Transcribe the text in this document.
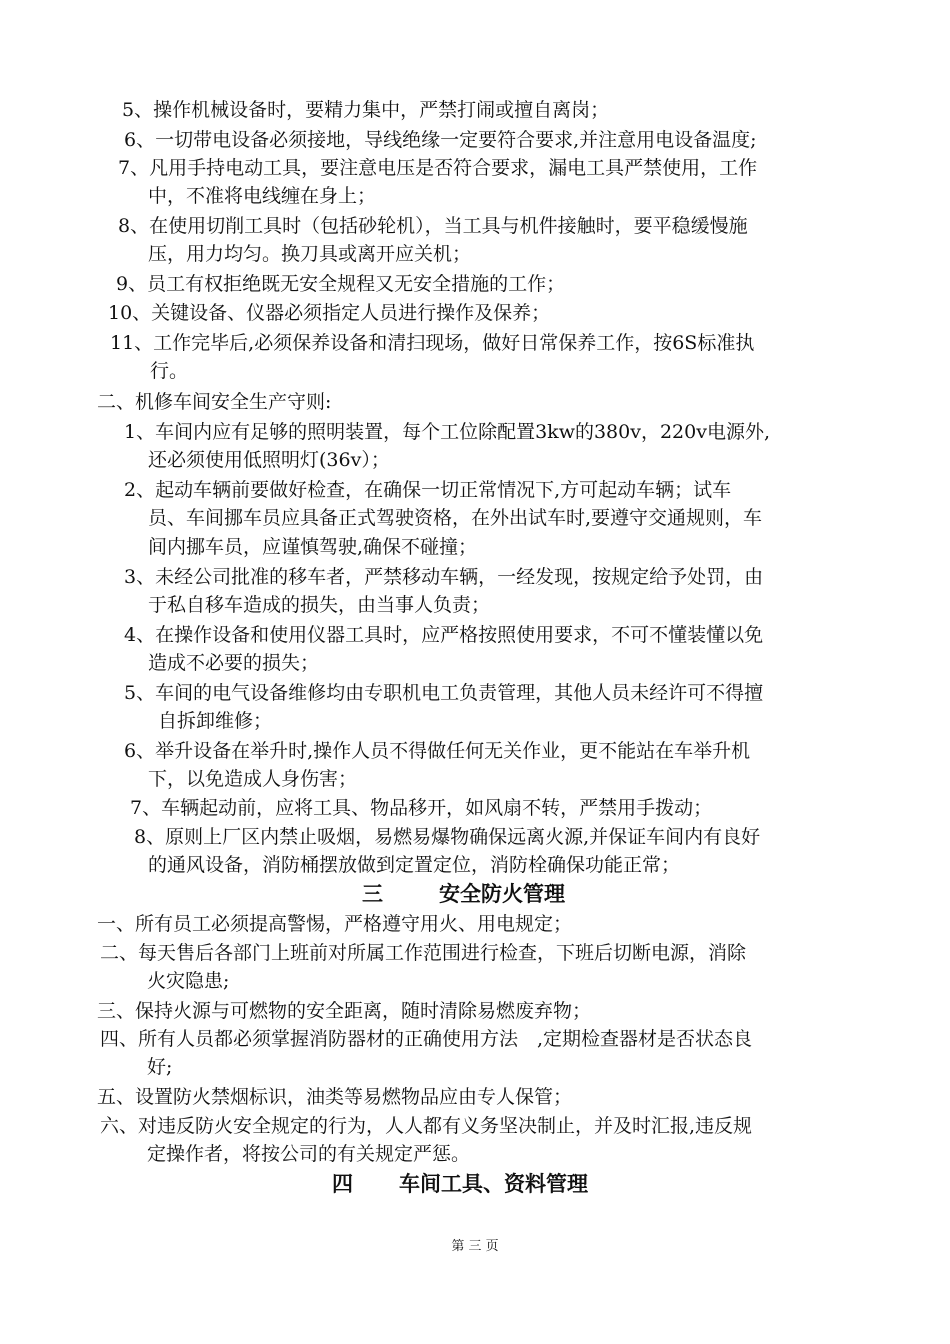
5、操作机械设备时，要精力集中，严禁打闹或擅自离岗；
6、一切带电设备必须接地，导线绝缘一定要符合要求,并注意用电设备温度;
7、凡用手持电动工具，要注意电压是否符合要求，漏电工具严禁使用，工作
中，不准将电线缠在身上；
8、在使用切削工具时（包括砂轮机），当工具与机件接触时，要平稳缓慢施
压，用力均匀。换刀具或离开应关机；
9、员工有权拒绝既无安全规程又无安全措施的工作；
10、关键设备、仪器必须指定人员进行操作及保养；
11、工作完毕后,必须保养设备和清扫现场，做好日常保养工作，按6S标准执
行。
二、机修车间安全生产守则:
1、车间内应有足够的照明装置，每个工位除配置3kw的380v，220v电源外,
还必须使用低照明灯(36v）；
2、起动车辆前要做好检查，在确保一切正常情况下,方可起动车辆；试车
员、车间挪车员应具备正式驾驶资格，在外出试车时,要遵守交通规则，车
间内挪车员，应谨慎驾驶,确保不碰撞；
3、未经公司批准的移车者，严禁移动车辆，一经发现，按规定给予处罚，由
于私自移车造成的损失，由当事人负责；
4、在操作设备和使用仪器工具时，应严格按照使用要求，不可不懂装懂以免
造成不必要的损失；
5、车间的电气设备维修均由专职机电工负责管理，其他人员未经许可不得擅
自拆卸维修；
6、举升设备在举升时,操作人员不得做任何无关作业，更不能站在车举升机
下，以免造成人身伤害；
7、车辆起动前，应将工具、物品移开，如风扇不转，严禁用手拨动；
8、原则上厂区内禁止吸烟，易燃易爆物确保远离火源,并保证车间内有良好
的通风设备，消防桶摆放做到定置定位，消防栓确保功能正常；
三	安全防火管理
一、所有员工必须提高警惕，严格遵守用火、用电规定；
二、每天售后各部门上班前对所属工作范围进行检查，下班后切断电源，消除
火灾隐患;
三、保持火源与可燃物的安全距离，随时清除易燃废弃物；
四、所有人员都必须掌握消防器材的正确使用方法　,定期检查器材是否状态良
好;
五、设置防火禁烟标识，油类等易燃物品应由专人保管；
六、对违反防火安全规定的行为，人人都有义务坚决制止，并及时汇报,违反规
定操作者，将按公司的有关规定严惩。
四 车间工具、资料管理
第 三 页
